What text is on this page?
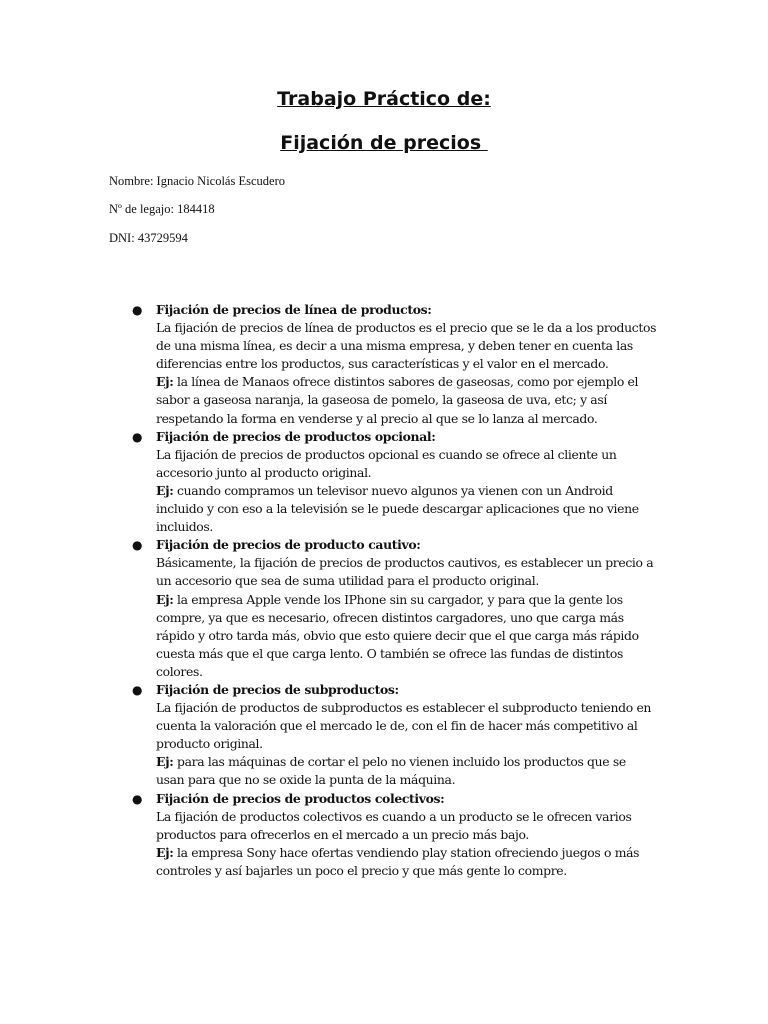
Trabajo Práctico de:
Fijación de precios

Nombre: Ignacio Nicolás Escudero

Nº de legajo: 184418

DNI: 43729594

● Fijación de precios de línea de productos:
La fijación de precios de línea de productos es el precio que se le da a los productos
de una misma línea, es decir a una misma empresa, y deben tener en cuenta las
diferencias entre los productos, sus características y el valor en el mercado.
Ej: la línea de Manaos ofrece distintos sabores de gaseosas, como por ejemplo el
sabor a gaseosa naranja, la gaseosa de pomelo, la gaseosa de uva, etc; y así
respetando la forma en venderse y al precio al que se lo lanza al mercado.
● Fijación de precios de productos opcional:
La fijación de precios de productos opcional es cuando se ofrece al cliente un
accesorio junto al producto original.
Ej: cuando compramos un televisor nuevo algunos ya vienen con un Android
incluido y con eso a la televisión se le puede descargar aplicaciones que no viene
incluidos.
● Fijación de precios de producto cautivo:
Básicamente, la fijación de precios de productos cautivos, es establecer un precio a
un accesorio que sea de suma utilidad para el producto original.
Ej: la empresa Apple vende los IPhone sin su cargador, y para que la gente los
compre, ya que es necesario, ofrecen distintos cargadores, uno que carga más
rápido y otro tarda más, obvio que esto quiere decir que el que carga más rápido
cuesta más que el que carga lento. O también se ofrece las fundas de distintos
colores.
● Fijación de precios de subproductos:
La fijación de productos de subproductos es establecer el subproducto teniendo en
cuenta la valoración que el mercado le de, con el fin de hacer más competitivo al
producto original.
Ej: para las máquinas de cortar el pelo no vienen incluido los productos que se
usan para que no se oxide la punta de la máquina.
● Fijación de precios de productos colectivos:
La fijación de productos colectivos es cuando a un producto se le ofrecen varios
productos para ofrecerlos en el mercado a un precio más bajo.
Ej: la empresa Sony hace ofertas vendiendo play station ofreciendo juegos o más
controles y así bajarles un poco el precio y que más gente lo compre.
